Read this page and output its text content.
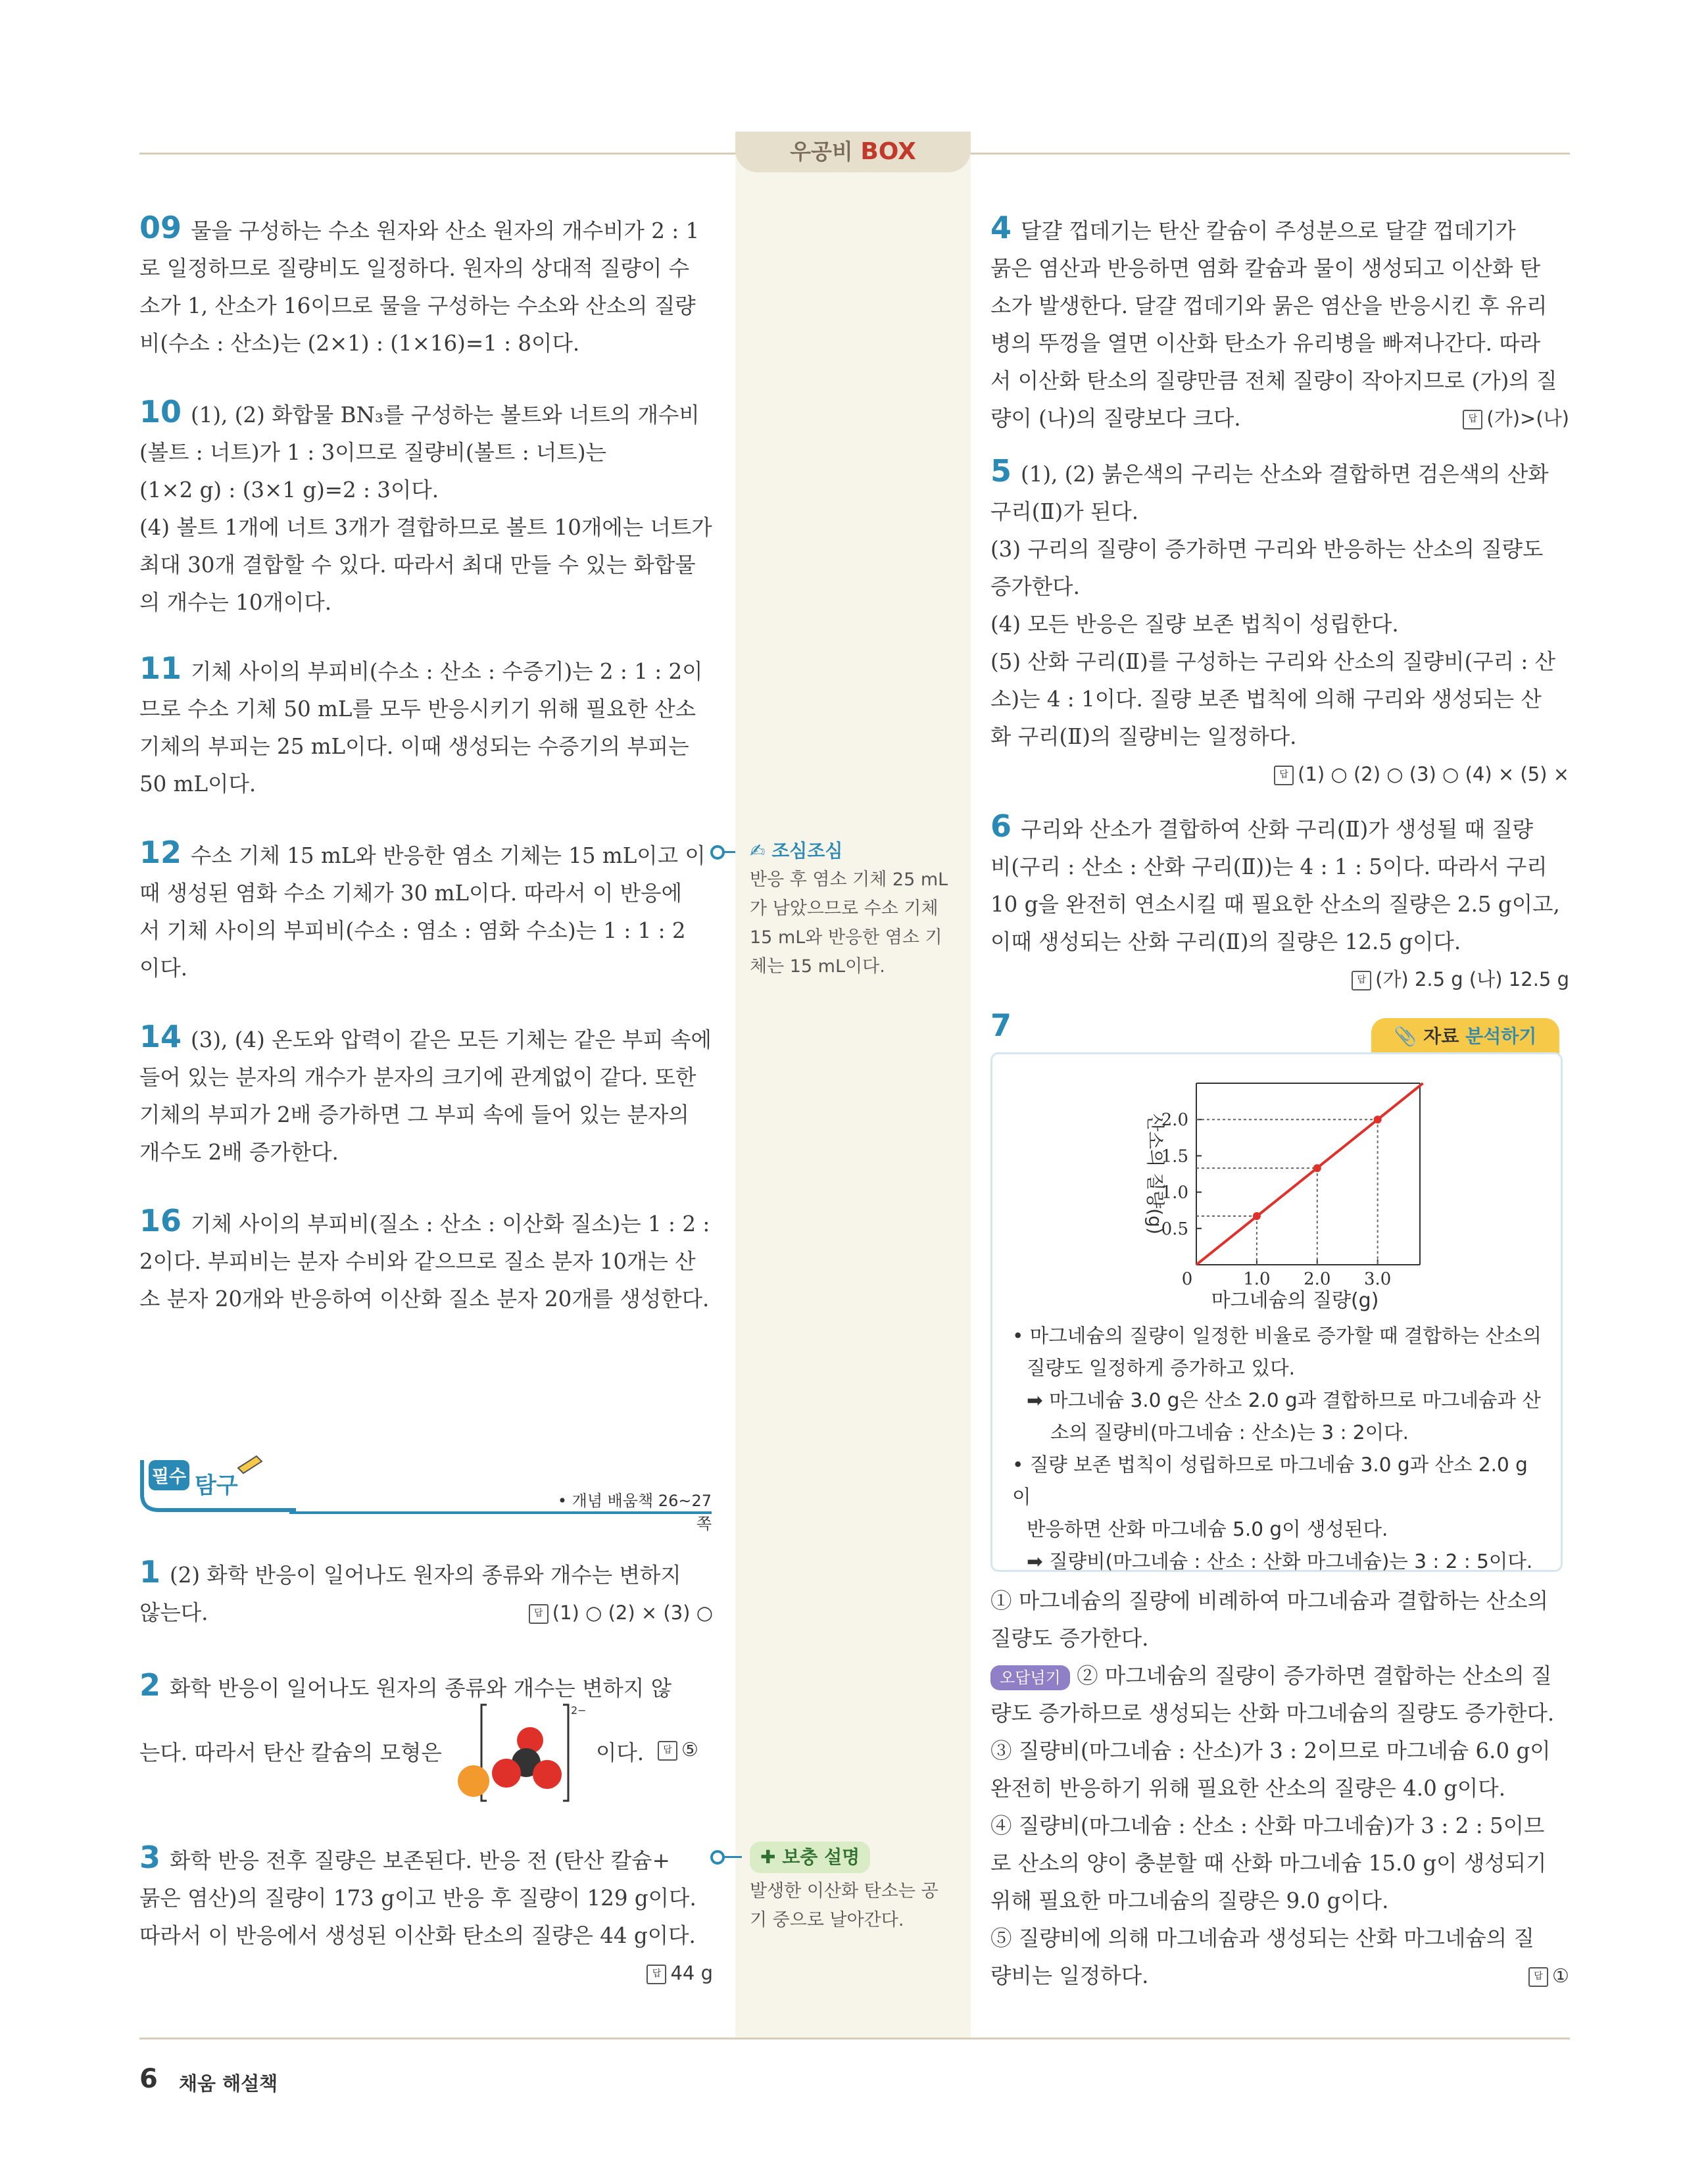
우공비 BOX
09 물을 구성하는 수소 원자와 산소 원자의 개수비가 2 : 1
로 일정하므로 질량비도 일정하다. 원자의 상대적 질량이 수
소가 1, 산소가 16이므로 물을 구성하는 수소와 산소의 질량
비(수소 : 산소)는 (2×1) : (1×16)=1 : 8이다.
10 (1), (2) 화합물 BN₃를 구성하는 볼트와 너트의 개수비
(볼트 : 너트)가 1 : 3이므로 질량비(볼트 : 너트)는
(1×2 g) : (3×1 g)=2 : 3이다.
(4) 볼트 1개에 너트 3개가 결합하므로 볼트 10개에는 너트가
최대 30개 결합할 수 있다. 따라서 최대 만들 수 있는 화합물
의 개수는 10개이다.
11 기체 사이의 부피비(수소 : 산소 : 수증기)는 2 : 1 : 2이
므로 수소 기체 50 mL를 모두 반응시키기 위해 필요한 산소
기체의 부피는 25 mL이다. 이때 생성되는 수증기의 부피는
50 mL이다.
12 수소 기체 15 mL와 반응한 염소 기체는 15 mL이고 이
때 생성된 염화 수소 기체가 30 mL이다. 따라서 이 반응에
서 기체 사이의 부피비(수소 : 염소 : 염화 수소)는 1 : 1 : 2
이다.
14 (3), (4) 온도와 압력이 같은 모든 기체는 같은 부피 속에
들어 있는 분자의 개수가 분자의 크기에 관계없이 같다. 또한
기체의 부피가 2배 증가하면 그 부피 속에 들어 있는 분자의
개수도 2배 증가한다.
16 기체 사이의 부피비(질소 : 산소 : 이산화 질소)는 1 : 2 :
2이다. 부피비는 분자 수비와 같으므로 질소 분자 10개는 산
소 분자 20개와 반응하여 이산화 질소 분자 20개를 생성한다.
필수 탐구
• 개념 배움책 26~27쪽
1 (2) 화학 반응이 일어나도 원자의 종류와 개수는 변하지
않는다.	답 (1) ○ (2) × (3) ○
2 화학 반응이 일어나도 원자의 종류와 개수는 변하지 않
는다. 따라서 탄산 칼슘의 모형은
2−
이다.	답 ⑤
3 화학 반응 전후 질량은 보존된다. 반응 전 (탄산 칼슘+
묽은 염산)의 질량이 173 g이고 반응 후 질량이 129 g이다.
따라서 이 반응에서 생성된 이산화 탄소의 질량은 44 g이다.
답 44 g
✍ 조심조심
반응 후 염소 기체 25 mL
가 남았으므로 수소 기체
15 mL와 반응한 염소 기
체는 15 mL이다.
✚ 보충 설명
발생한 이산화 탄소는 공
기 중으로 날아간다.
4 달걀 껍데기는 탄산 칼슘이 주성분으로 달걀 껍데기가
묽은 염산과 반응하면 염화 칼슘과 물이 생성되고 이산화 탄
소가 발생한다. 달걀 껍데기와 묽은 염산을 반응시킨 후 유리
병의 뚜껑을 열면 이산화 탄소가 유리병을 빠져나간다. 따라
서 이산화 탄소의 질량만큼 전체 질량이 작아지므로 (가)의 질
량이 (나)의 질량보다 크다.	답 (가)>(나)
5 (1), (2) 붉은색의 구리는 산소와 결합하면 검은색의 산화
구리(Ⅱ)가 된다.
(3) 구리의 질량이 증가하면 구리와 반응하는 산소의 질량도
증가한다.
(4) 모든 반응은 질량 보존 법칙이 성립한다.
(5) 산화 구리(Ⅱ)를 구성하는 구리와 산소의 질량비(구리 : 산
소)는 4 : 1이다. 질량 보존 법칙에 의해 구리와 생성되는 산
화 구리(Ⅱ)의 질량비는 일정하다.
답 (1) ○ (2) ○ (3) ○ (4) × (5) ×
6 구리와 산소가 결합하여 산화 구리(Ⅱ)가 생성될 때 질량
비(구리 : 산소 : 산화 구리(Ⅱ))는 4 : 1 : 5이다. 따라서 구리
10 g을 완전히 연소시킬 때 필요한 산소의 질량은 2.5 g이고,
이때 생성되는 산화 구리(Ⅱ)의 질량은 12.5 g이다.
답 (가) 2.5 g (나) 12.5 g
7	📎 자료 분석하기
0	1.0 2.0 3.0
0.5
1.0
1.5
2.0
마그네슘의 질량(g)
산소의 질량(g)
• 마그네슘의 질량이 일정한 비율로 증가할 때 결합하는 산소의
질량도 일정하게 증가하고 있다.
➡ 마그네슘 3.0 g은 산소 2.0 g과 결합하므로 마그네슘과 산
소의 질량비(마그네슘 : 산소)는 3 : 2이다.
• 질량 보존 법칙이 성립하므로 마그네슘 3.0 g과 산소 2.0 g이
반응하면 산화 마그네슘 5.0 g이 생성된다.
➡ 질량비(마그네슘 : 산소 : 산화 마그네슘)는 3 : 2 : 5이다.
① 마그네슘의 질량에 비례하여 마그네슘과 결합하는 산소의
질량도 증가한다.
오답넘기 ② 마그네슘의 질량이 증가하면 결합하는 산소의 질
량도 증가하므로 생성되는 산화 마그네슘의 질량도 증가한다.
③ 질량비(마그네슘 : 산소)가 3 : 2이므로 마그네슘 6.0 g이
완전히 반응하기 위해 필요한 산소의 질량은 4.0 g이다.
④ 질량비(마그네슘 : 산소 : 산화 마그네슘)가 3 : 2 : 5이므
로 산소의 양이 충분할 때 산화 마그네슘 15.0 g이 생성되기
위해 필요한 마그네슘의 질량은 9.0 g이다.
⑤ 질량비에 의해 마그네슘과 생성되는 산화 마그네슘의 질
량비는 일정하다.	답 ①
6 채움 해설책
